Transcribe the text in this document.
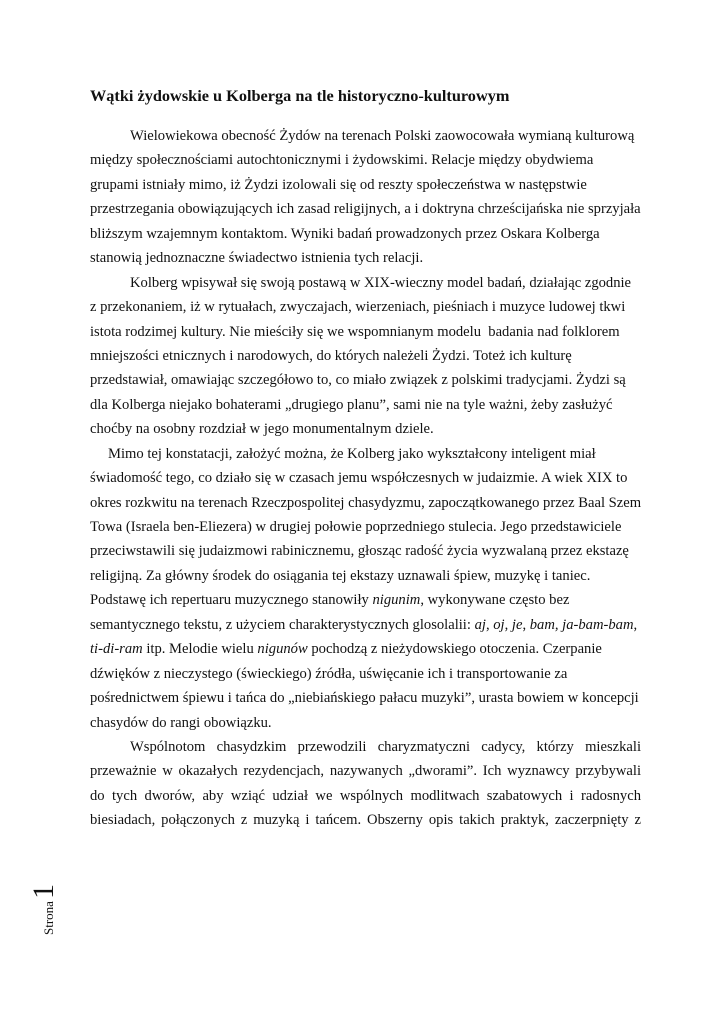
Wątki żydowskie u Kolberga na tle historyczno-kulturowym
Wielowiekowa obecność Żydów na terenach Polski zaowocowała wymianą kulturową
między społecznościami autochtonicznymi i żydowskimi. Relacje między obydwiema
grupami istniały mimo, iż Żydzi izolowali się od reszty społeczeństwa w następstwie
przestrzegania obowiązujących ich zasad religijnych, a i doktryna chrześcijańska nie sprzyjała
bliższym wzajemnym kontaktom. Wyniki badań prowadzonych przez Oskara Kolberga
stanowią jednoznaczne świadectwo istnienia tych relacji.
Kolberg wpisywał się swoją postawą w XIX-wieczny model badań, działając zgodnie
z przekonaniem, iż w rytuałach, zwyczajach, wierzeniach, pieśniach i muzyce ludowej tkwi
istota rodzimej kultury. Nie mieściły się we wspomnianym modelu  badania nad folklorem
mniejszości etnicznych i narodowych, do których należeli Żydzi. Toteż ich kulturę
przedstawiał, omawiając szczegółowo to, co miało związek z polskimi tradycjami. Żydzi są
dla Kolberga niejako bohaterami „drugiego planu”, sami nie na tyle ważni, żeby zasłużyć
choćby na osobny rozdział w jego monumentalnym dziele.
Mimo tej konstatacji, założyć można, że Kolberg jako wykształcony inteligent miał
świadomość tego, co działo się w czasach jemu współczesnych w judaizmie. A wiek XIX to
okres rozkwitu na terenach Rzeczpospolitej chasydyzmu, zapoczątkowanego przez Baal Szem
Towa (Israela ben-Eliezera) w drugiej połowie poprzedniego stulecia. Jego przedstawiciele
przeciwstawili się judaizmowi rabinicznemu, głosząc radość życia wyzwalaną przez ekstazę
religijną. Za główny środek do osiągania tej ekstazy uznawali śpiew, muzykę i taniec.
Podstawę ich repertuaru muzycznego stanowiły nigunim, wykonywane często bez
semantycznego tekstu, z użyciem charakterystycznych glosolalii: aj, oj, je, bam, ja-bam-bam,
ti-di-ram itp. Melodie wielu nigunów pochodzą z nieżydowskiego otoczenia. Czerpanie
dźwięków z nieczystego (świeckiego) źródła, uświęcanie ich i transportowanie za
pośrednictwem śpiewu i tańca do „niebiańskiego pałacu muzyki”, urasta bowiem w koncepcji
chasydów do rangi obowiązku.
Wspólnotom chasydzkim przewodzili charyzmatyczni cadycy, którzy mieszkali
przeważnie w okazałych rezydencjach, nazywanych „dworami”. Ich wyznawcy przybywali
do tych dworów, aby wziąć udział we wspólnych modlitwach szabatowych i radosnych
biesiadach, połączonych z muzyką i tańcem. Obszerny opis takich praktyk, zaczerpnięty z
Strona1
